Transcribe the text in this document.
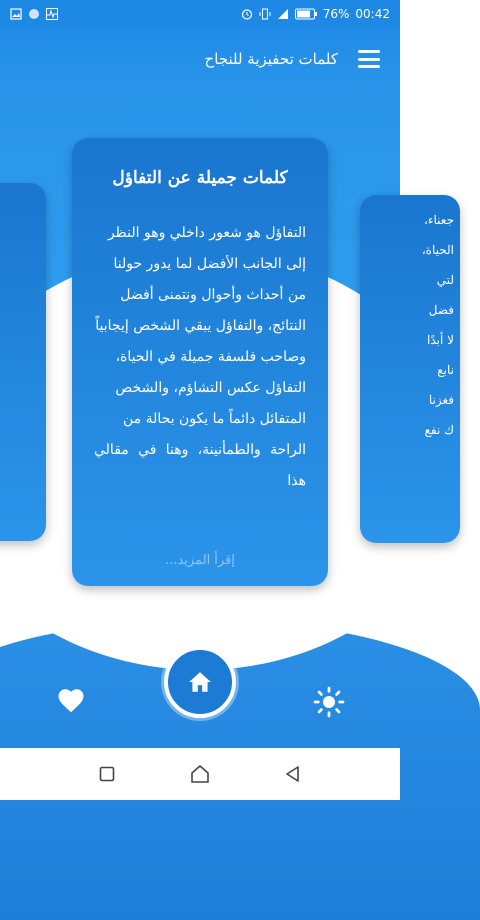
76% 00:42
كلمات تحفيزية للنجاح
جعناء،
الحياة،
لتي
فضل
لا أبدًا
نابع
فغزنا
ك نفع
كلمات جميلة عن التفاؤل
التفاؤل هو شعور داخلي وهو النظر
إلى الجانب الأفضل لما يدور حولنا
من أحداث وأحوال ونتمنى أفضل
النتائج، والتفاؤل يبقي الشخص إيجابياً
وصاحب فلسفة جميلة في الحياة،
التفاؤل عكس التشاؤم، والشخص
المتفائل دائماً ما يكون بحالة من
الراحة والطمأنينة، وهنا في مقالي هذا
إقرأ المزيد...
